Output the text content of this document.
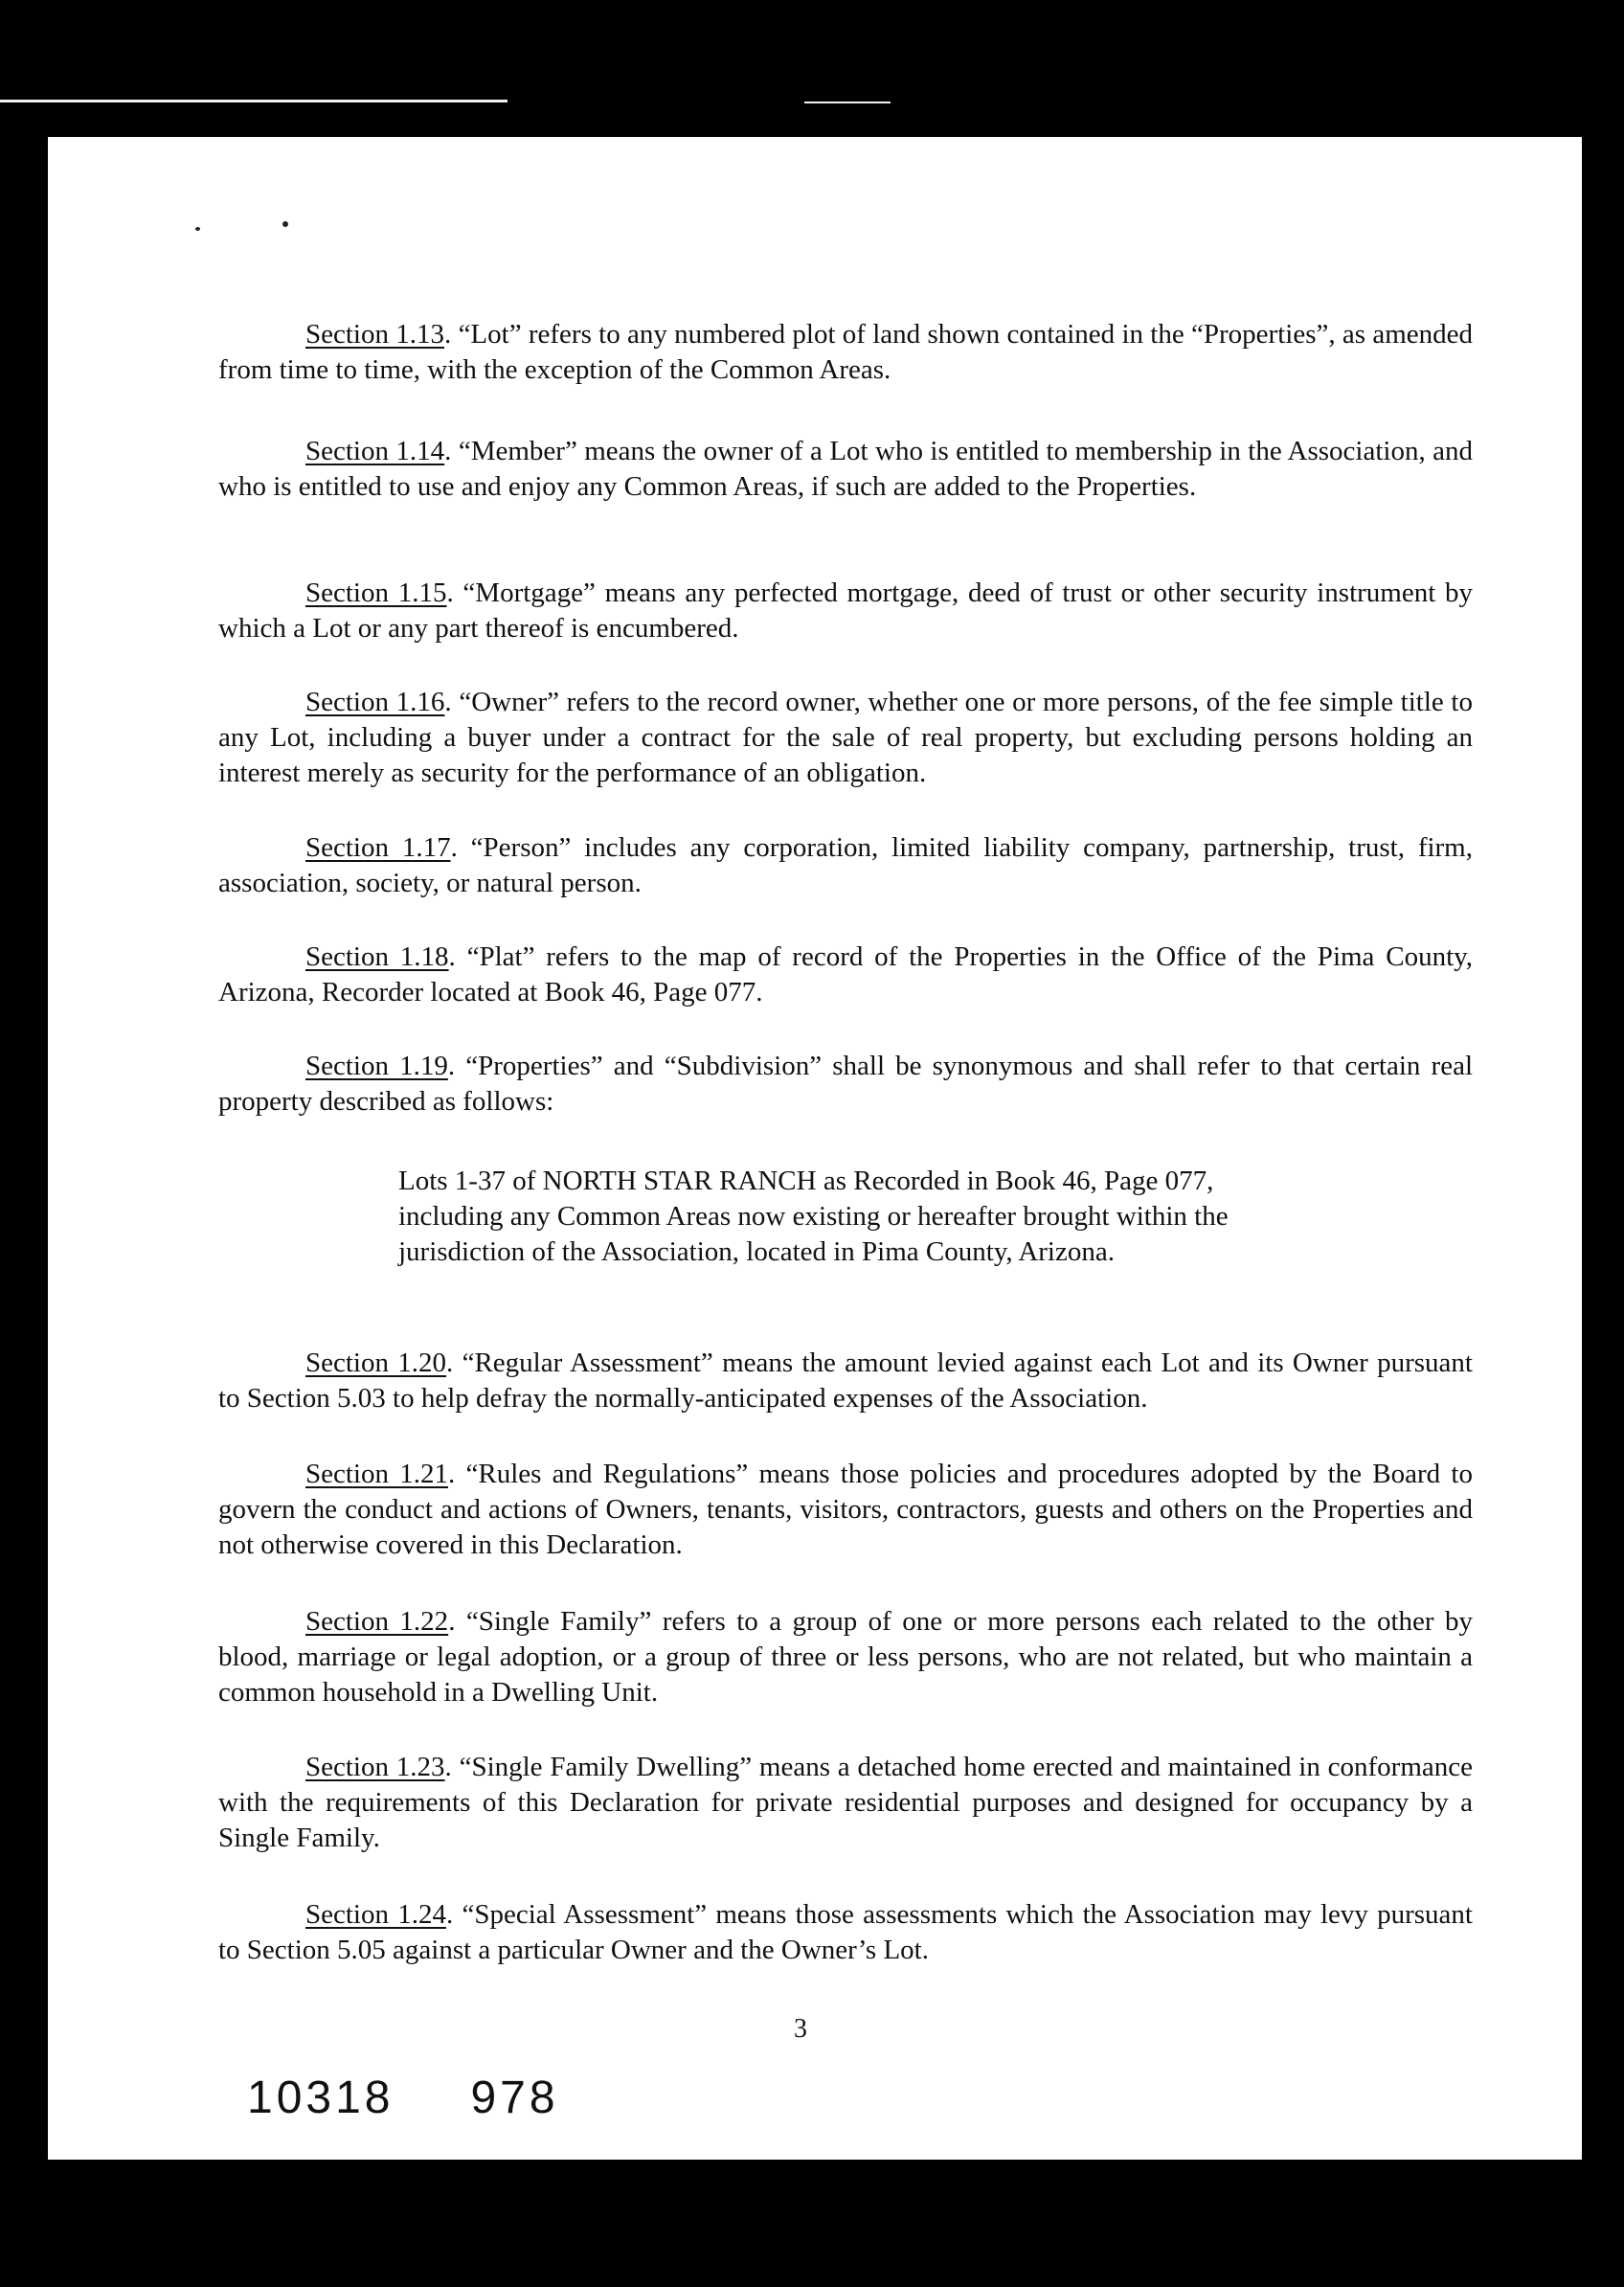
Section 1.13. “Lot” refers to any numbered plot of land shown contained in the “Properties”, as amended from time to time, with the exception of the Common Areas.

Section 1.14. “Member” means the owner of a Lot who is entitled to membership in the Association, and who is entitled to use and enjoy any Common Areas, if such are added to the Properties.

Section 1.15. “Mortgage” means any perfected mortgage, deed of trust or other security instrument by which a Lot or any part thereof is encumbered.

Section 1.16. “Owner” refers to the record owner, whether one or more persons, of the fee simple title to any Lot, including a buyer under a contract for the sale of real property, but excluding persons holding an interest merely as security for the performance of an obligation.

Section 1.17. “Person” includes any corporation, limited liability company, partnership, trust, firm, association, society, or natural person.

Section 1.18. “Plat” refers to the map of record of the Properties in the Office of the Pima County, Arizona, Recorder located at Book 46, Page 077.

Section 1.19. “Properties” and “Subdivision” shall be synonymous and shall refer to that certain real property described as follows:

Lots 1-37 of NORTH STAR RANCH as Recorded in Book 46, Page 077, including any Common Areas now existing or hereafter brought within the jurisdiction of the Association, located in Pima County, Arizona.

Section 1.20. “Regular Assessment” means the amount levied against each Lot and its Owner pursuant to Section 5.03 to help defray the normally-anticipated expenses of the Association.

Section 1.21. “Rules and Regulations” means those policies and procedures adopted by the Board to govern the conduct and actions of Owners, tenants, visitors, contractors, guests and others on the Properties and not otherwise covered in this Declaration.

Section 1.22. “Single Family” refers to a group of one or more persons each related to the other by blood, marriage or legal adoption, or a group of three or less persons, who are not related, but who maintain a common household in a Dwelling Unit.

Section 1.23. “Single Family Dwelling” means a detached home erected and maintained in conformance with the requirements of this Declaration for private residential purposes and designed for occupancy by a Single Family.

Section 1.24. “Special Assessment” means those assessments which the Association may levy pursuant to Section 5.05 against a particular Owner and the Owner’s Lot.

3
10318 978
